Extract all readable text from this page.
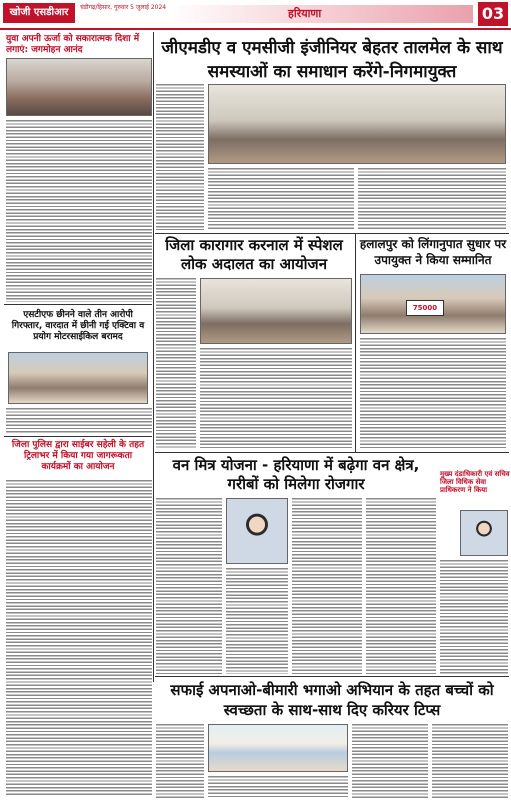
खोजी एसडीआर	चंडीगढ़/हिसार, गुरुवार 5 जुलाई 2024	हरियाणा	03
युवा अपनी ऊर्जा को सकारात्मक दिशा में लगाएं: जगमोहन आनंद
एसटीएफ छीनने वाले तीन आरोपी गिरफ्तार, वारदात में छीनी गई एक्टिवा व प्रयोग मोटरसाईकिल बरामद
जिला पुलिस द्वारा साईबर सहेली के तहत ट्रिलाभर में किया गया जागरूकता कार्यक्रमों का आयोजन
जीएमडीए व एमसीजी इंजीनियर बेहतर तालमेल के साथ समस्याओं का समाधान करेंगे-निगमायुक्त
जिला कारागार करनाल में स्पेशल लोक अदालत का आयोजन
हलालपुर को लिंगानुपात सुधार पर उपायुक्त ने किया सम्मानित
75000
वन मित्र योजना - हरियाणा में बढ़ेगा वन क्षेत्र, गरीबों को मिलेगा रोजगार
मुख्य दंडाधिकारी एवं सचिव जिला विधिक सेवा प्राधिकरण ने किया
सफाई अपनाओ-बीमारी भगाओ अभियान के तहत बच्चों को स्वच्छता के साथ-साथ दिए करियर टिप्स
